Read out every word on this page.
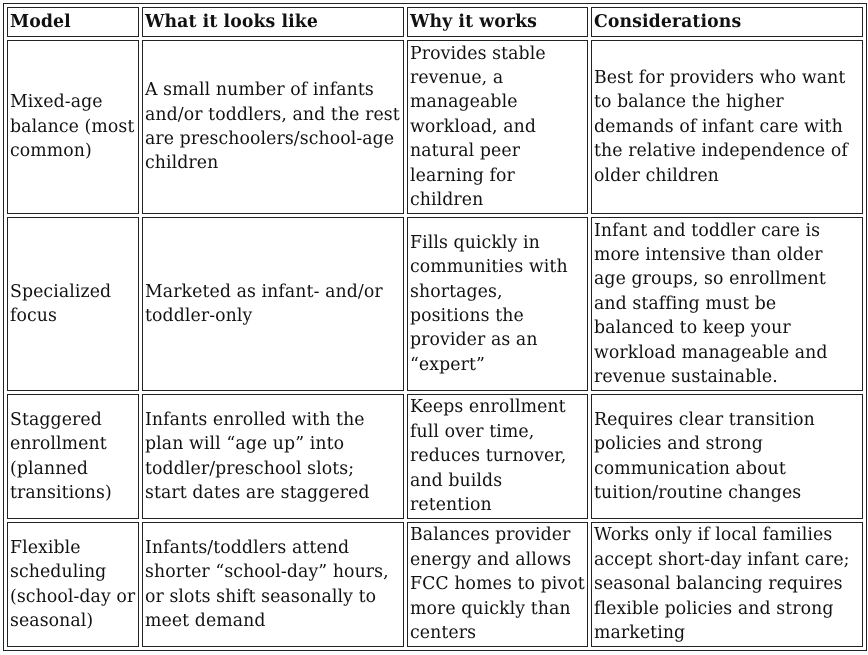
Model	What it looks like	Why it works	Considerations
Mixed-age balance (most common)	A small number of infants and/or toddlers, and the rest are preschoolers/school-age children	Provides stable revenue, a manageable workload, and natural peer learning for children	Best for providers who want to balance the higher demands of infant care with the relative independence of older children
Specialized focus	Marketed as infant- and/or toddler-only	Fills quickly in communities with shortages, positions the provider as an “expert”	Infant and toddler care is more intensive than older age groups, so enrollment and staffing must be balanced to keep your workload manageable and revenue sustainable.
Staggered enrollment (planned transitions)	Infants enrolled with the plan will “age up” into toddler/preschool slots; start dates are staggered	Keeps enrollment full over time, reduces turnover, and builds retention	Requires clear transition policies and strong communication about tuition/routine changes
Flexible scheduling (school-day or seasonal)	Infants/toddlers attend shorter “school-day” hours, or slots shift seasonally to meet demand	Balances provider energy and allows FCC homes to pivot more quickly than centers	Works only if local families accept short-day infant care; seasonal balancing requires flexible policies and strong marketing
